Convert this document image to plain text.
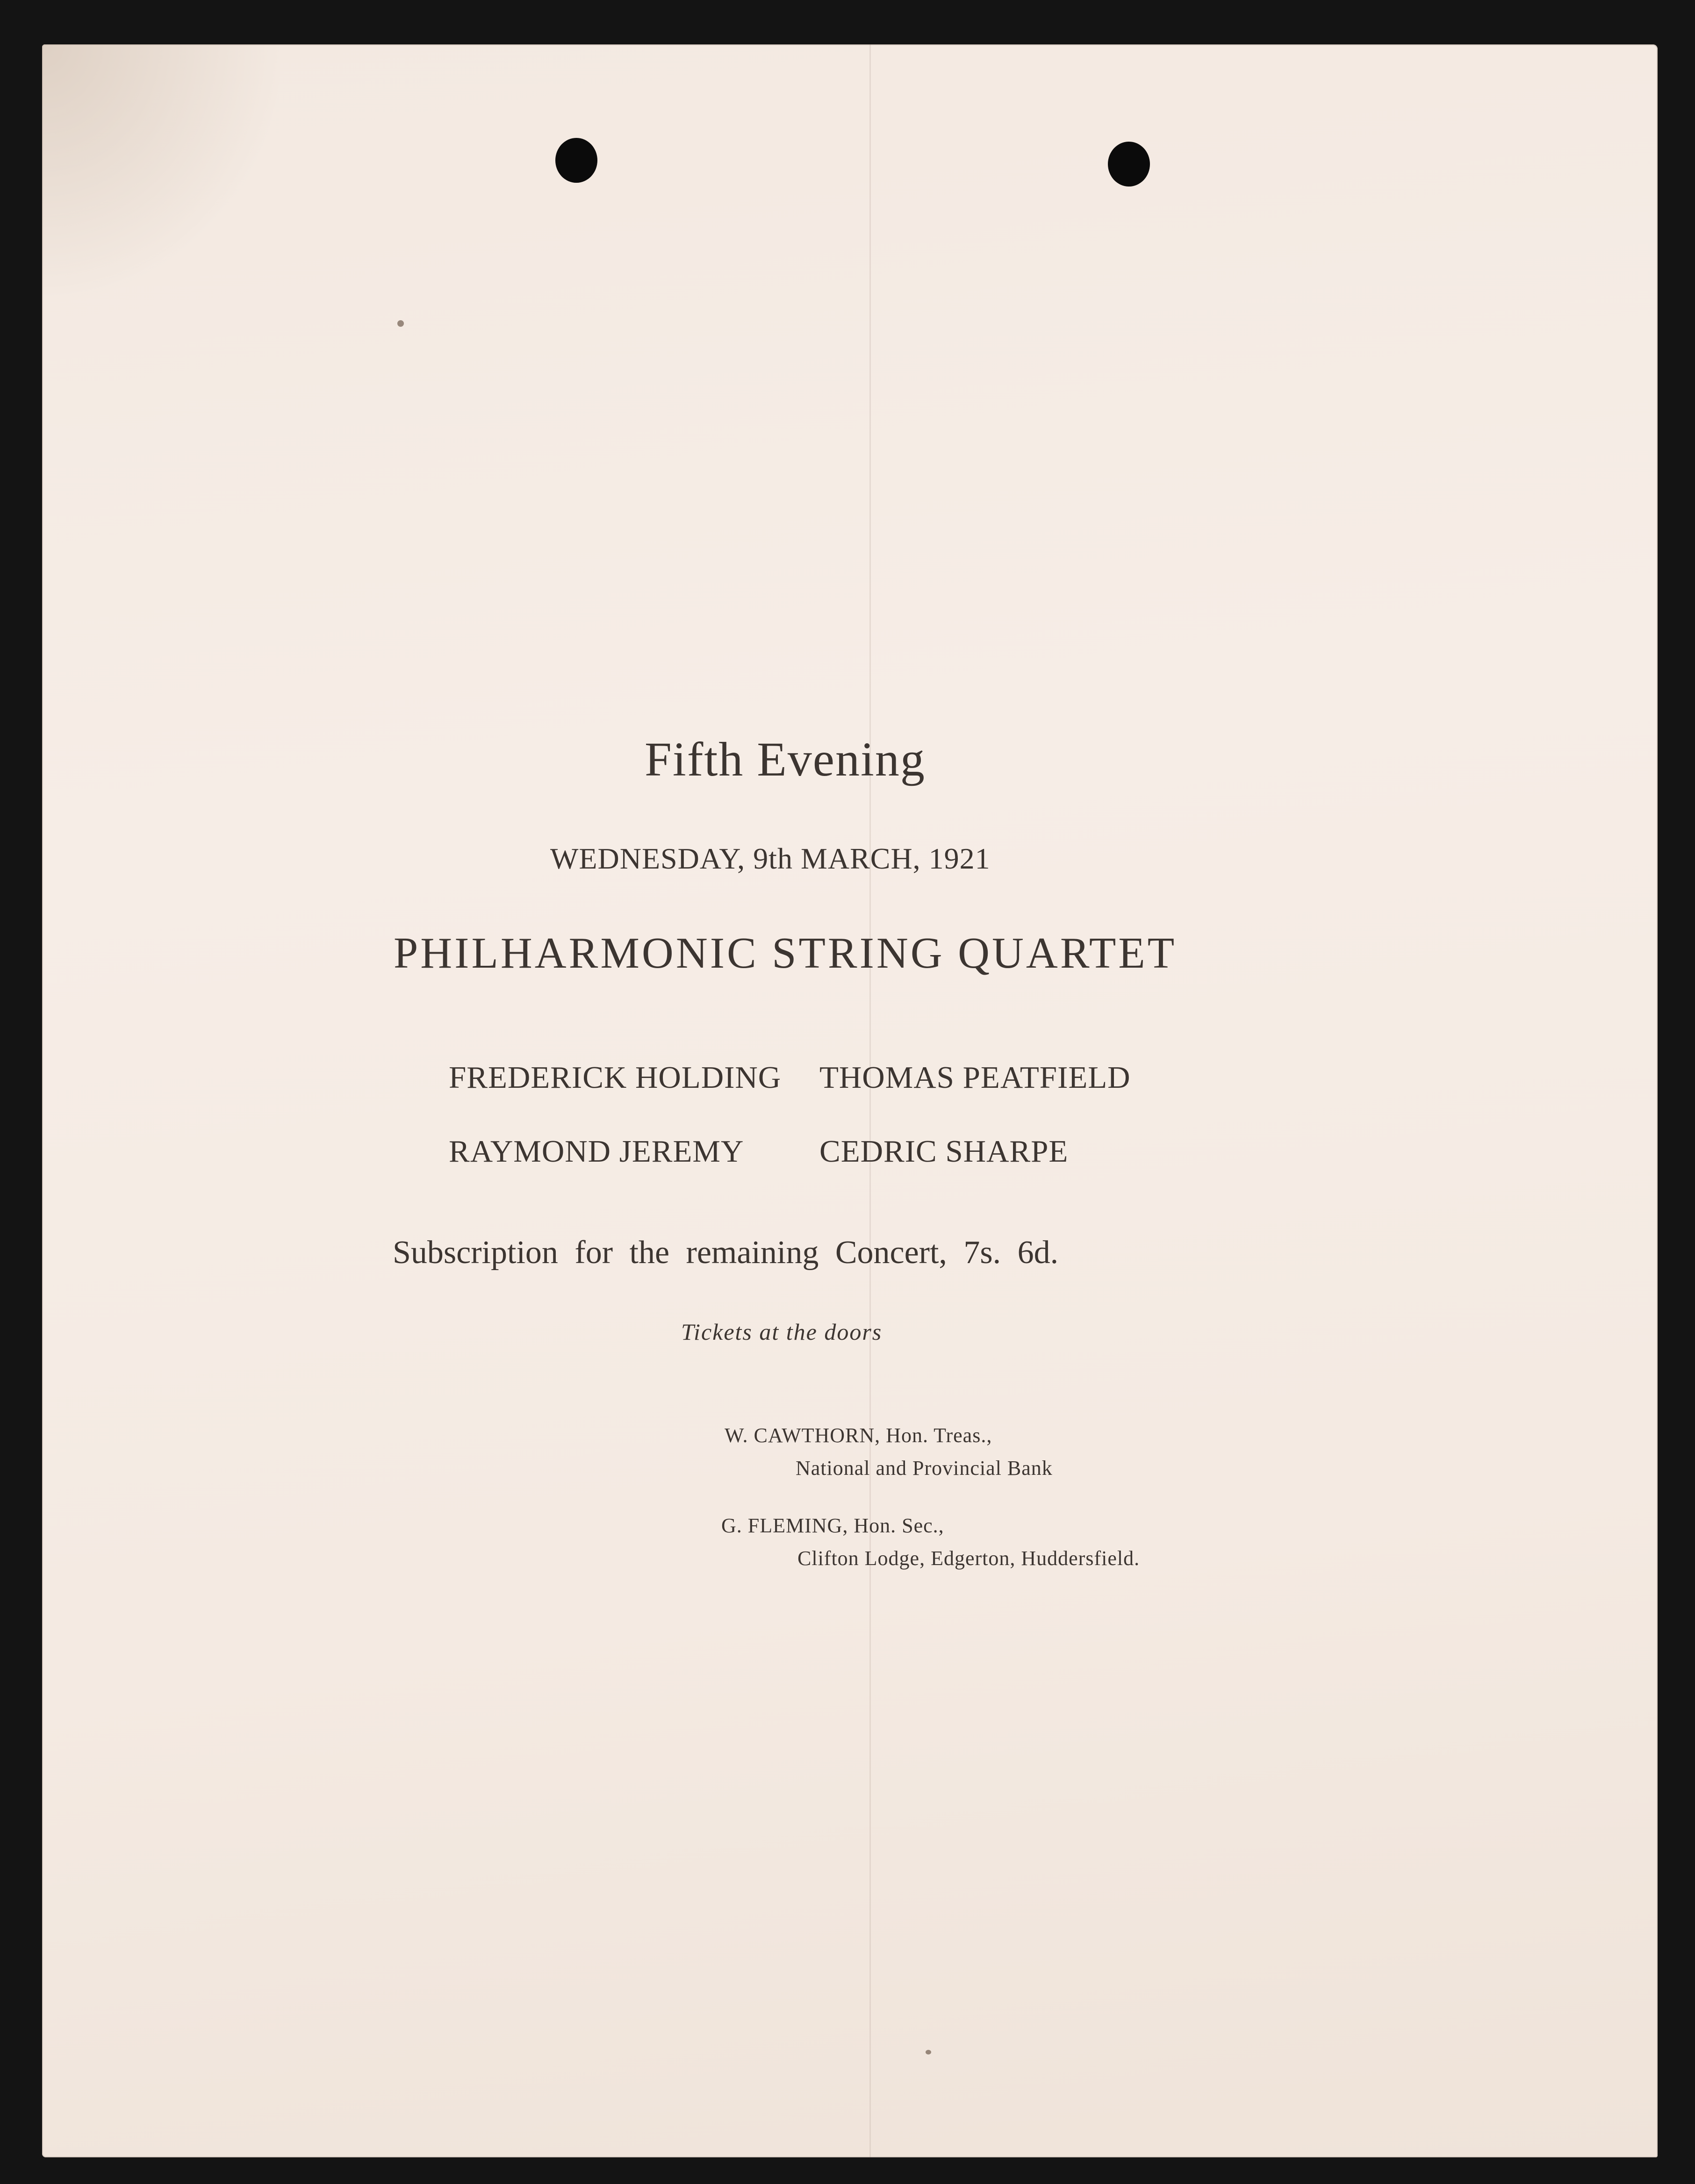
Fifth Evening
WEDNESDAY, 9th MARCH, 1921
PHILHARMONIC STRING QUARTET
FREDERICK HOLDING THOMAS PEATFIELD
RAYMOND JEREMY CEDRIC SHARPE
Subscription for the remaining Concert, 7s. 6d.
Tickets at the doors
W. CAWTHORN, Hon. Treas.,
National and Provincial Bank
G. FLEMING, Hon. Sec.,
Clifton Lodge, Edgerton, Huddersfield.
